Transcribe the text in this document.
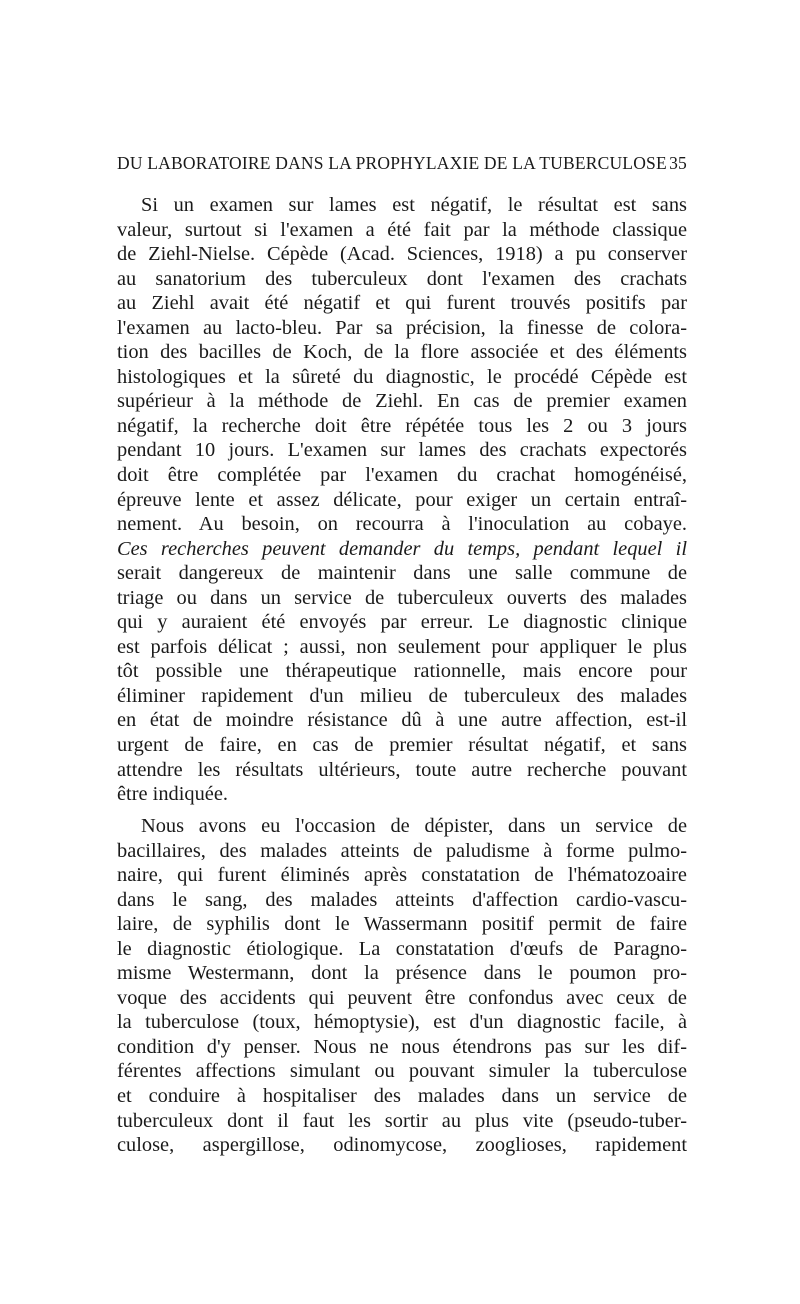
DU LABORATOIRE DANS LA PROPHYLAXIE DE LA TUBERCULOSE 35
Si un examen sur lames est négatif, le résultat est sans
valeur, surtout si l'examen a été fait par la méthode classique
de Ziehl-Nielse. Cépède (Acad. Sciences, 1918) a pu conserver
au sanatorium des tuberculeux dont l'examen des crachats
au Ziehl avait été négatif et qui furent trouvés positifs par
l'examen au lacto-bleu. Par sa précision, la finesse de colora-
tion des bacilles de Koch, de la flore associée et des éléments
histologiques et la sûreté du diagnostic, le procédé Cépède est
supérieur à la méthode de Ziehl. En cas de premier examen
négatif, la recherche doit être répétée tous les 2 ou 3 jours
pendant 10 jours. L'examen sur lames des crachats expectorés
doit être complétée par l'examen du crachat homogénéisé,
épreuve lente et assez délicate, pour exiger un certain entraî-
nement. Au besoin, on recourra à l'inoculation au cobaye.
Ces recherches peuvent demander du temps, pendant lequel il
serait dangereux de maintenir dans une salle commune de
triage ou dans un service de tuberculeux ouverts des malades
qui y auraient été envoyés par erreur. Le diagnostic clinique
est parfois délicat ; aussi, non seulement pour appliquer le plus
tôt possible une thérapeutique rationnelle, mais encore pour
éliminer rapidement d'un milieu de tuberculeux des malades
en état de moindre résistance dû à une autre affection, est-il
urgent de faire, en cas de premier résultat négatif, et sans
attendre les résultats ultérieurs, toute autre recherche pouvant
être indiquée.
Nous avons eu l'occasion de dépister, dans un service de
bacillaires, des malades atteints de paludisme à forme pulmo-
naire, qui furent éliminés après constatation de l'hématozoaire
dans le sang, des malades atteints d'affection cardio-vascu-
laire, de syphilis dont le Wassermann positif permit de faire
le diagnostic étiologique. La constatation d'œufs de Paragno-
misme Westermann, dont la présence dans le poumon pro-
voque des accidents qui peuvent être confondus avec ceux de
la tuberculose (toux, hémoptysie), est d'un diagnostic facile, à
condition d'y penser. Nous ne nous étendrons pas sur les dif-
férentes affections simulant ou pouvant simuler la tuberculose
et conduire à hospitaliser des malades dans un service de
tuberculeux dont il faut les sortir au plus vite (pseudo-tuber-
culose, aspergillose, odinomycose, zooglioses, rapidement
